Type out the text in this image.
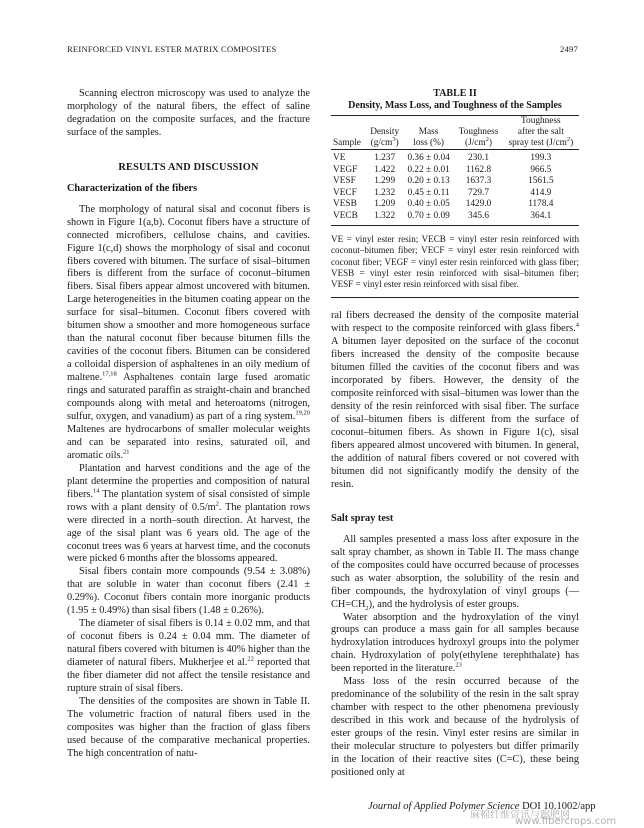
REINFORCED VINYL ESTER MATRIX COMPOSITES	2497

Scanning electron microscopy was used to analyze the morphology of the natural fibers, the effect of saline degradation on the composite surfaces, and the fracture surface of the samples.

RESULTS AND DISCUSSION
Characterization of the fibers

The morphology of natural sisal and coconut fibers is shown in Figure 1(a,b). Coconut fibers have a structure of connected microfibers, cellulose chains, and cavities. Figure 1(c,d) shows the morphology of sisal and coconut fibers covered with bitumen. The surface of sisal–bitumen fibers is different from the surface of coconut–bitumen fibers. Sisal fibers appear almost uncovered with bitumen. Large heterogeneities in the bitumen coating appear on the surface for sisal–bitumen. Coconut fibers covered with bitumen show a smoother and more homogeneous surface than the natural coconut fiber because bitumen fills the cavities of the coconut fibers. Bitumen can be considered a colloidal dispersion of asphaltenes in an oily medium of maltene.$^{17,18}$ Asphaltenes contain large fused aromatic rings and saturated paraffin as straight-chain and branched compounds along with metal and heteroatoms (nitrogen, sulfur, oxygen, and vanadium) as part of a ring system.$^{19,20}$ Maltenes are hydrocarbons of smaller molecular weights and can be separated into resins, saturated oil, and aromatic oils.$^{21}$

Plantation and harvest conditions and the age of the plant determine the properties and composition of natural fibers.$^{14}$ The plantation system of sisal consisted of simple rows with a plant density of $0.5/m^2$. The plantation rows were directed in a north–south direction. At harvest, the age of the sisal plant was 6 years old. The age of the coconut trees was 6 years at harvest time, and the coconuts were picked 6 months after the blossoms appeared.

Sisal fibers contain more compounds (9.54 ± 3.08%) that are soluble in water than coconut fibers (2.41 ± 0.29%). Coconut fibers contain more inorganic products (1.95 ± 0.49%) than sisal fibers (1.48 ± 0.26%).

The diameter of sisal fibers is 0.14 ± 0.02 mm, and that of coconut fibers is 0.24 ± 0.04 mm. The diameter of natural fibers covered with bitumen is 40% higher than the diameter of natural fibers. Mukherjee et al.$^{22}$ reported that the fiber diameter did not affect the tensile resistance and rupture strain of sisal fibers.

The densities of the composites are shown in Table II. The volumetric fraction of natural fibers used in the composites was higher than the fraction of glass fibers used because of the comparative mechanical properties. The high concentration of natu-

TABLE II
Density, Mass Loss, and Toughness of the Samples
				Toughness
	Density	Mass	Toughness	after the salt
Sample	$(g/cm^3)$	loss (%)	$(J/cm^2)$	spray test $(J/cm^2)$
VE	1.237	0.36 ± 0.04	230.1	199.3
VEGF	1.422	0.22 ± 0.01	1162.8	966.5
VESF	1.299	0.20 ± 0.13	1637.3	1561.5
VECF	1.232	0.45 ± 0.11	729.7	414.9
VESB	1.209	0.40 ± 0.05	1429.0	1178.4
VECB	1.322	0.70 ± 0.09	345.6	364.1
VE = vinyl ester resin; VECB = vinyl ester resin reinforced with coconut–bitumen fiber; VECF = vinyl ester resin reinforced with coconut fiber; VEGF = vinyl ester resin reinforced with glass fiber; VESB = vinyl ester resin reinforced with sisal–bitumen fiber; VESF = vinyl ester resin reinforced with sisal fiber.

ral fibers decreased the density of the composite material with respect to the composite reinforced with glass fibers.$^4$ A bitumen layer deposited on the surface of the coconut fibers increased the density of the composite because bitumen filled the cavities of the coconut fibers and was incorporated by fibers. However, the density of the composite reinforced with sisal–bitumen was lower than the density of the resin reinforced with sisal fiber. The surface of sisal–bitumen fibers is different from the surface of coconut–bitumen fibers. As shown in Figure 1(c), sisal fibers appeared almost uncovered with bitumen. In general, the addition of natural fibers covered or not covered with bitumen did not significantly modify the density of the resin.

Salt spray test

All samples presented a mass loss after exposure in the salt spray chamber, as shown in Table II. The mass change of the composites could have occurred because of processes such as water absorption, the solubility of the resin and fiber compounds, the hydroxylation of vinyl groups $(—CH=CH_2)$, and the hydrolysis of ester groups.

Water absorption and the hydroxylation of the vinyl groups can produce a mass gain for all samples because hydroxylation introduces hydroxyl groups into the polymer chain. Hydroxylation of poly(ethylene terephthalate) has been reported in the literature.$^{23}$

Mass loss of the resin occurred because of the predominance of the solubility of the resin in the salt spray chamber with respect to the other phenomena previously described in this work and because of the hydrolysis of ester groups of the resin. Vinyl ester resins are similar in their molecular structure to polyesters but differ primarily in the location of their reactive sites (C=C), these being positioned only at

Journal of Applied Polymer Science DOI 10.1002/app
麻棉纤维资讯与跑肥网
www.fibercrops.com
